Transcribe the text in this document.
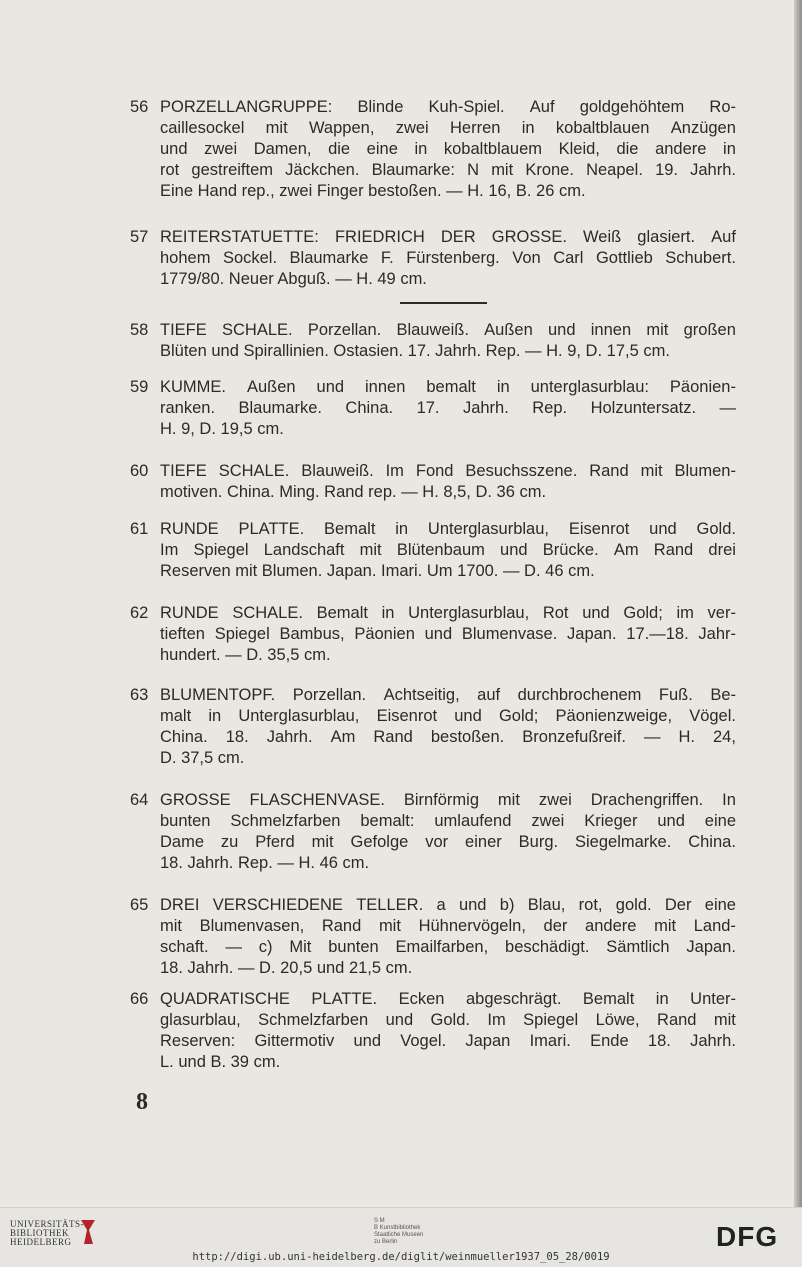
56 PORZELLANGRUPPE: Blinde Kuh-Spiel. Auf goldgehöhtem Ro-
caillesockel mit Wappen, zwei Herren in kobaltblauen Anzügen
und zwei Damen, die eine in kobaltblauem Kleid, die andere in
rot gestreiftem Jäckchen. Blaumarke: N mit Krone. Neapel. 19. Jahrh.
Eine Hand rep., zwei Finger bestoßen. — H. 16, B. 26 cm.
57 REITERSTATUETTE: FRIEDRICH DER GROSSE. Weiß glasiert. Auf
hohem Sockel. Blaumarke F. Fürstenberg. Von Carl Gottlieb Schubert.
1779/80. Neuer Abguß. — H. 49 cm.
58 TIEFE SCHALE. Porzellan. Blauweiß. Außen und innen mit großen
Blüten und Spirallinien. Ostasien. 17. Jahrh. Rep. — H. 9, D. 17,5 cm.
59 KUMME. Außen und innen bemalt in unterglasurblau: Päonien-
ranken. Blaumarke. China. 17. Jahrh. Rep. Holzuntersatz. —
H. 9, D. 19,5 cm.
60 TIEFE SCHALE. Blauweiß. Im Fond Besuchsszene. Rand mit Blumen-
motiven. China. Ming. Rand rep. — H. 8,5, D. 36 cm.
61 RUNDE PLATTE. Bemalt in Unterglasurblau, Eisenrot und Gold.
Im Spiegel Landschaft mit Blütenbaum und Brücke. Am Rand drei
Reserven mit Blumen. Japan. Imari. Um 1700. — D. 46 cm.
62 RUNDE SCHALE. Bemalt in Unterglasurblau, Rot und Gold; im ver-
tieften Spiegel Bambus, Päonien und Blumenvase. Japan. 17.—18. Jahr-
hundert. — D. 35,5 cm.
63 BLUMENTOPF. Porzellan. Achtseitig, auf durchbrochenem Fuß. Be-
malt in Unterglasurblau, Eisenrot und Gold; Päonienzweige, Vögel.
China. 18. Jahrh. Am Rand bestoßen. Bronzefußreif. — H. 24,
D. 37,5 cm.
64 GROSSE FLASCHENVASE. Birnförmig mit zwei Drachengriffen. In
bunten Schmelzfarben bemalt: umlaufend zwei Krieger und eine
Dame zu Pferd mit Gefolge vor einer Burg. Siegelmarke. China.
18. Jahrh. Rep. — H. 46 cm.
65 DREI VERSCHIEDENE TELLER. a und b) Blau, rot, gold. Der eine
mit Blumenvasen, Rand mit Hühnervögeln, der andere mit Land-
schaft. — c) Mit bunten Emailfarben, beschädigt. Sämtlich Japan.
18. Jahrh. — D. 20,5 und 21,5 cm.
66 QUADRATISCHE PLATTE. Ecken abgeschrägt. Bemalt in Unter-
glasurblau, Schmelzfarben und Gold. Im Spiegel Löwe, Rand mit
Reserven: Gittermotiv und Vogel. Japan Imari. Ende 18. Jahrh.
L. und B. 39 cm.
8
UNIVERSITÄTS-
BIBLIOTHEK
HEIDELBERG
S M
B Kunstbibliothek
Staatliche Museen
zu Berlin	DFG
http://digi.ub.uni-heidelberg.de/diglit/weinmueller1937_05_28/0019
